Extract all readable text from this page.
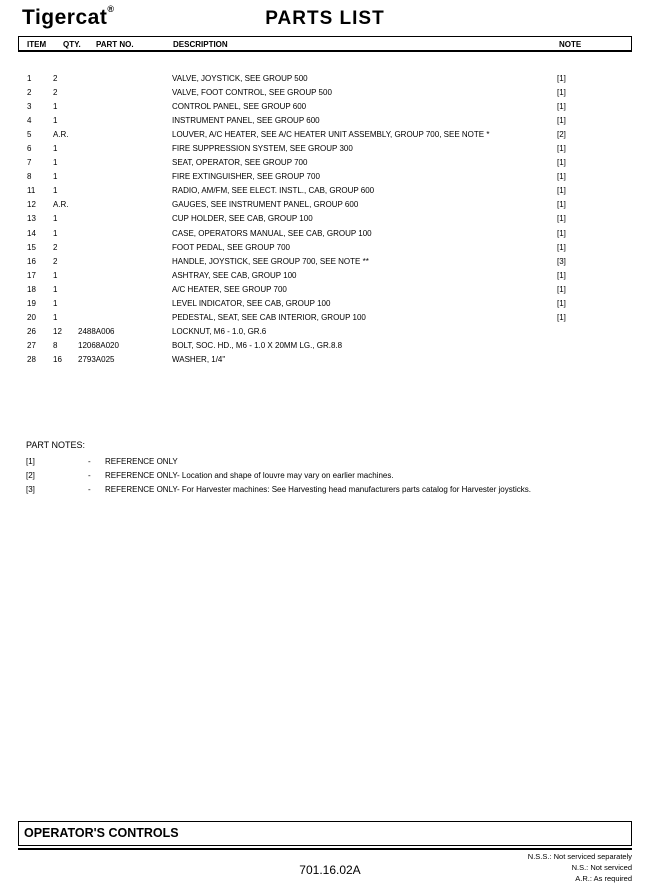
Tigercat®	PARTS LIST
ITEM QTY. PART NO.	DESCRIPTION	NOTE
1	2	VALVE, JOYSTICK, SEE GROUP 500	[1]
2	2	VALVE, FOOT CONTROL, SEE GROUP 500	[1]
3	1	CONTROL PANEL, SEE GROUP 600	[1]
4	1	INSTRUMENT PANEL, SEE GROUP 600	[1]
5	A.R.	LOUVER, A/C HEATER, SEE A/C HEATER UNIT ASSEMBLY, GROUP 700, SEE NOTE *	[2]
6	1	FIRE SUPPRESSION SYSTEM, SEE GROUP 300	[1]
7	1	SEAT, OPERATOR, SEE GROUP 700	[1]
8	1	FIRE EXTINGUISHER, SEE GROUP 700	[1]
11 1	RADIO, AM/FM, SEE ELECT. INSTL., CAB, GROUP 600	[1]
12 A.R.	GAUGES, SEE INSTRUMENT PANEL, GROUP 600	[1]
13 1	CUP HOLDER, SEE CAB, GROUP 100	[1]
14 1	CASE, OPERATORS MANUAL, SEE CAB, GROUP 100	[1]
15 2	FOOT PEDAL, SEE GROUP 700	[1]
16 2	HANDLE, JOYSTICK, SEE GROUP 700, SEE NOTE **	[3]
17 1	ASHTRAY, SEE CAB, GROUP 100	[1]
18 1	A/C HEATER, SEE GROUP 700	[1]
19 1	LEVEL INDICATOR, SEE CAB, GROUP 100	[1]
20 1	PEDESTAL, SEAT, SEE CAB INTERIOR, GROUP 100	[1]
26 12 2488A006	LOCKNUT, M6 - 1.0, GR.6
27 8	12068A020	BOLT, SOC. HD., M6 - 1.0 X 20MM LG., GR.8.8
28 16 2793A025	WASHER, 1/4"
PART NOTES:
[1]	- REFERENCE ONLY
[2]	- REFERENCE ONLY- Location and shape of louvre may vary on earlier machines.
[3]	- REFERENCE ONLY- For Harvester machines: See Harvesting head manufacturers parts catalog for Harvester joysticks.
OPERATOR'S CONTROLS
701.16.02A
N.S.S.: Not serviced separately
N.S.: Not serviced
A.R.: As required
